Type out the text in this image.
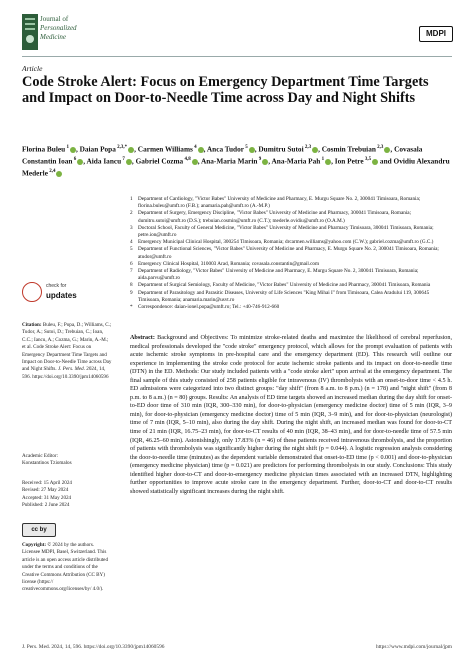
Journal of
Personalized
Medicine	MDPI
Article
Code Stroke Alert: Focus on Emergency Department Time Targets and Impact on Door-to-Needle Time across Day and Night Shifts
Florina Buleu $^1$ , Daian Popa $^{2,3,*}$ , Carmen Williams $^4$ , Anca Tudor $^5$ , Dumitru Sutoi $^{2,3}$ , Cosmin Trebuian $^{2,3}$ , Covasala Constantin Ioan $^6$ , Aida Iancu $^7$ , Gabriel Cozma $^{4,8}$ , Ana-Maria Marin $^9$ , Ana-Maria Pah $^1$ , Ion Petre $^{3,5}$ and Ovidiu Alexandru Mederle $^{2,4}$
1	Department of Cardiology, "Victor Babes" University of Medicine and Pharmacy, E. Murgu Square No. 2, 300041 Timisoara, Romania; florina.buleu@umft.ro (F.B.); anamaria.pah@umft.ro (A.-M.P.)
2	Department of Surgery, Emergency Discipline, "Victor Babes" University of Medicine and Pharmacy, 300041 Timisoara, Romania; dumitru.sutoi@umft.ro (D.S.); trebuian.cosmin@umft.ro (C.T.); mederle.ovidiu@umft.ro (O.A.M.)
3	Doctoral School, Faculty of General Medicine, "Victor Babes" University of Medicine and Pharmacy Timisoara, 300041 Timisoara, Romania; petre.ion@umft.ro
4	Emergency Municipal Clinical Hospital, 300254 Timisoara, Romania; drcarmen.williams@yahoo.com (C.W.); gabriel.cozma@umft.ro (G.C.)
5	Department of Functional Sciences, "Victor Babes" University of Medicine and Pharmacy, E. Murgu Square No. 2, 300041 Timisoara, Romania; atudor@umft.ro
6	Emergency Clinical Hospital, 310003 Arad, Romania; covasala.constantin@gmail.com
7	Department of Radiology, "Victor Babes" University of Medicine and Pharmacy, E. Murgu Square No. 2, 300041 Timisoara, Romania; aida.parvu@umft.ro
8	Department of Surgical Semiology, Faculty of Medicine, "Victor Babes" University of Medicine and Pharmacy, 300041 Timisoara, Romania
9	Department of Parasitology and Parasitic Diseases, University of Life Sciences "King Mihai I" from Timisoara, Calea Aradului 119, 300645 Timisoara, Romania; anamaria.marin@usvt.ro
*	Correspondence: daian-ionel.popa@umft.ro; Tel.: +40-746-912-660
check for
updates
Citation: Buleu, F.; Popa, D.; Williams, C.; Tudor, A.; Sutoi, D.; Trebuian, C.; Ioan, C.C.; Iancu, A.; Cozma, G.; Marin, A.-M.; et al. Code Stroke Alert: Focus on Emergency Department Time Targets and Impact on Door-to-Needle Time across Day and Night Shifts. J. Pers. Med. 2024, 14, 596. https://doi.org/10.3390/jpm14060596
Academic Editor:
Konstantinos Tziomalos
Received: 15 April 2024
Revised: 27 May 2024
Accepted: 31 May 2024
Published: 2 June 2024
cc by
Copyright: © 2024 by the authors. Licensee MDPI, Basel, Switzerland. This article is an open access article distributed under the terms and conditions of the Creative Commons Attribution (CC BY) license (https:// creativecommons.org/licenses/by/ 4.0/).
Abstract: Background and Objectives: To minimize stroke-related deaths and maximize the likelihood of cerebral reperfusion, medical professionals developed the "code stroke" emergency protocol, which allows for the prompt evaluation of patients with acute ischemic stroke symptoms in pre-hospital care and the emergency department (ED). This research will outline our experience in implementing the stroke code protocol for acute ischemic stroke patients and its impact on door-to-needle time (DTN) in the ED. Methods: Our study included patients with a "code stroke alert" upon arrival at the emergency department. The final sample of this study consisted of 258 patients eligible for intravenous (IV) thrombolysis with an onset-to-door time < 4.5 h. ED admissions were categorized into two distinct groups: "day shift" (from 8 a.m. to 8 p.m.) (n = 178) and "night shift" (from 8 p.m. to 8 a.m.) (n = 80) groups. Results: An analysis of ED time targets showed an increased median during the day shift for onset-to-ED door time of 310 min (IQR, 300–330 min), for door-to-physician (emergency medicine doctor) time of 5 min (IQR, 3–9 min), for door-to-physician (emergency medicine doctor) time of 5 min (IQR, 3–9 min), and for door-to-physician (neurologist) time of 7 min (IQR, 5–10 min), also during the day shift. During the night shift, an increased median was found for door-to-CT time of 21 min (IQR, 16.75–23 min), for door-to-CT results of 40 min (IQR, 38–43 min), and for door-to-needle time of 57.5 min (IQR, 46.25–60 min). Astonishingly, only 17.83% (n = 46) of these patients received intravenous thrombolysis, and the proportion of patients with thrombolysis was significantly higher during the night shift (p = 0.044). A logistic regression analysis considering the door-to-needle time (minutes) as the dependent variable demonstrated that onset-to-ED time (p < 0.001) and door-to-physician (emergency medicine physician) time (p = 0.021) are predictors for performing thrombolysis in our study. Conclusions: This study identified higher door-to-CT and door-to-emergency medicine physician times associated with an increased DTN, highlighting further opportunities to improve acute stroke care in the emergency department. Further, door-to-CT and door-to-CT results showed statistically significant increases during the night shift.
J. Pers. Med. 2024, 14, 596. https://doi.org/10.3390/jpm14060596	https://www.mdpi.com/journal/jpm
